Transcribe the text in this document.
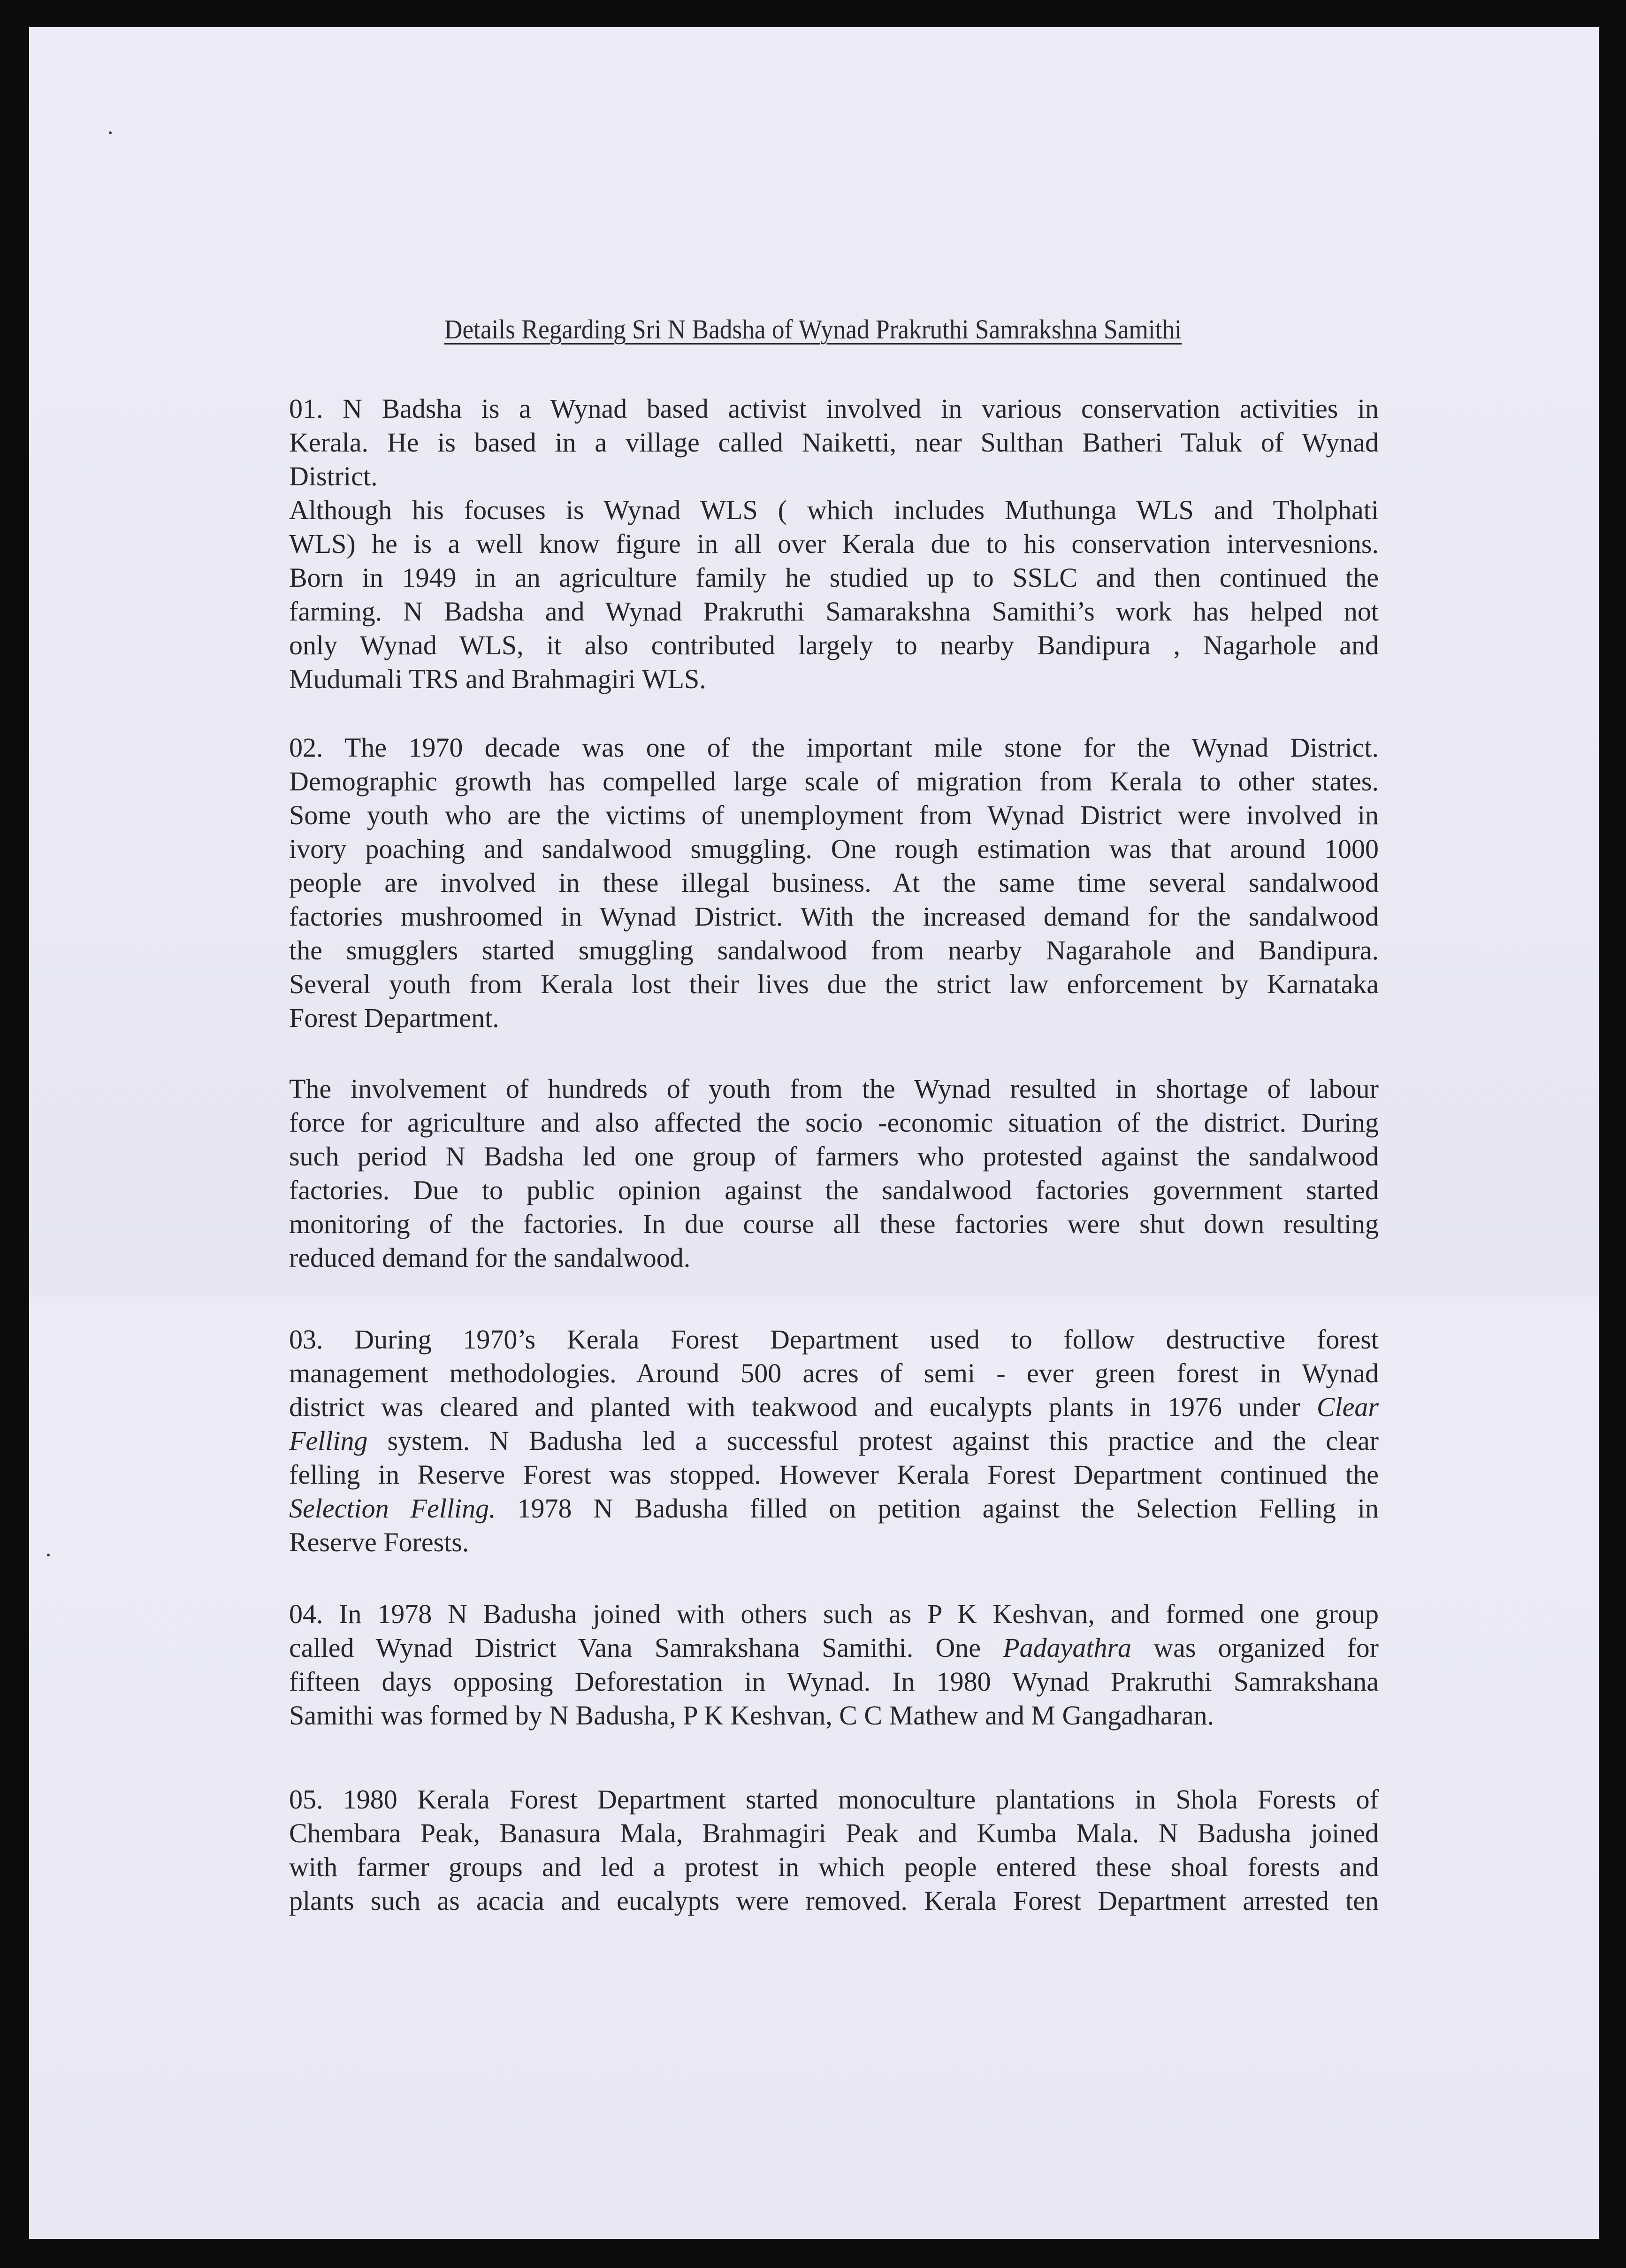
Details Regarding Sri N Badsha of Wynad Prakruthi Samrakshna Samithi
01. N Badsha is a Wynad based activist involved in various conservation activities in
Kerala. He is based in a village called Naiketti, near Sulthan Batheri Taluk of Wynad
District.
Although his focuses is Wynad WLS ( which includes Muthunga WLS and Tholphati
WLS) he is a well know figure in all over Kerala due to his conservation intervesnions.
Born in 1949 in an agriculture family he studied up to SSLC and then continued the
farming. N Badsha and Wynad Prakruthi Samarakshna Samithi’s work has helped not
only Wynad WLS, it also contributed largely to nearby Bandipura , Nagarhole and
Mudumali TRS and Brahmagiri WLS.
02. The 1970 decade was one of the important mile stone for the Wynad District.
Demographic growth has compelled large scale of migration from Kerala to other states.
Some youth who are the victims of unemployment from Wynad District were involved in
ivory poaching and sandalwood smuggling. One rough estimation was that around 1000
people are involved in these illegal business. At the same time several sandalwood
factories mushroomed in Wynad District. With the increased demand for the sandalwood
the smugglers started smuggling sandalwood from nearby Nagarahole and Bandipura.
Several youth from Kerala lost their lives due the strict law enforcement by Karnataka
Forest Department.
The involvement of hundreds of youth from the Wynad resulted in shortage of labour
force for agriculture and also affected the socio -economic situation of the district. During
such period N Badsha led one group of farmers who protested against the sandalwood
factories. Due to public opinion against the sandalwood factories government started
monitoring of the factories. In due course all these factories were shut down resulting
reduced demand for the sandalwood.
03. During 1970’s Kerala Forest Department used to follow destructive forest
management methodologies. Around 500 acres of semi - ever green forest in Wynad
district was cleared and planted with teakwood and eucalypts plants in 1976 under Clear
Felling system. N Badusha led a successful protest against this practice and the clear
felling in Reserve Forest was stopped. However Kerala Forest Department continued the
Selection Felling. 1978 N Badusha filled on petition against the Selection Felling in
Reserve Forests.
04. In 1978 N Badusha joined with others such as P K Keshvan, and formed one group
called Wynad District Vana Samrakshana Samithi. One Padayathra was organized for
fifteen days opposing Deforestation in Wynad. In 1980 Wynad Prakruthi Samrakshana
Samithi was formed by N Badusha, P K Keshvan, C C Mathew and M Gangadharan.
05. 1980 Kerala Forest Department started monoculture plantations in Shola Forests of
Chembara Peak, Banasura Mala, Brahmagiri Peak and Kumba Mala. N Badusha joined
with farmer groups and led a protest in which people entered these shoal forests and
plants such as acacia and eucalypts were removed. Kerala Forest Department arrested ten
